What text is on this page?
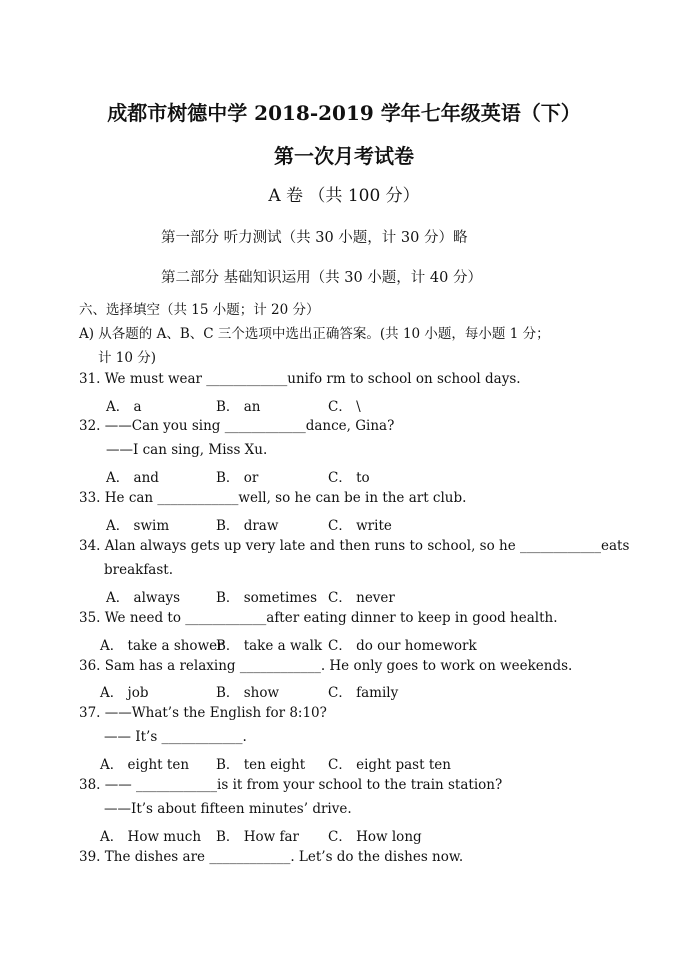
成都市树德中学 2018-2019 学年七年级英语（下）
第一次月考试卷
A 卷 （共 100 分）
第一部分 听力测试（共 30 小题，计 30 分）略
第二部分 基础知识运用（共 30 小题，计 40 分）
六、选择填空（共 15 小题；计 20 分）
A) 从各题的 A、B、C 三个选项中选出正确答案。(共 10 小题，每小题 1 分；
计 10 分)
31. We must wear ____________unifo rm to school on school days.
A． a	B． an	C． \
32. ——Can you sing ____________dance, Gina?
——I can sing, Miss Xu.
A． and	B． or	C． to
33. He can ____________well, so he can be in the art club.
A． swim	B． draw	C． write
34. Alan always gets up very late and then runs to school, so he ____________eats
breakfast.
A． always	B． sometimes C． never
35. We need to ____________after eating dinner to keep in good health.
A． take a shower
B． take a walk C． do our homework
36. Sam has a relaxing ____________. He only goes to work on weekends.
A． job	B． show	C． family
37. ——What’s the English for 8:10?
—— It’s ____________.
A． eight ten B． ten eight C． eight past ten
38. —— ____________is it from your school to the train station?
——It’s about fifteen minutes’ drive.
A． How much B． How far C． How long
39. The dishes are ____________. Let’s do the dishes now.
